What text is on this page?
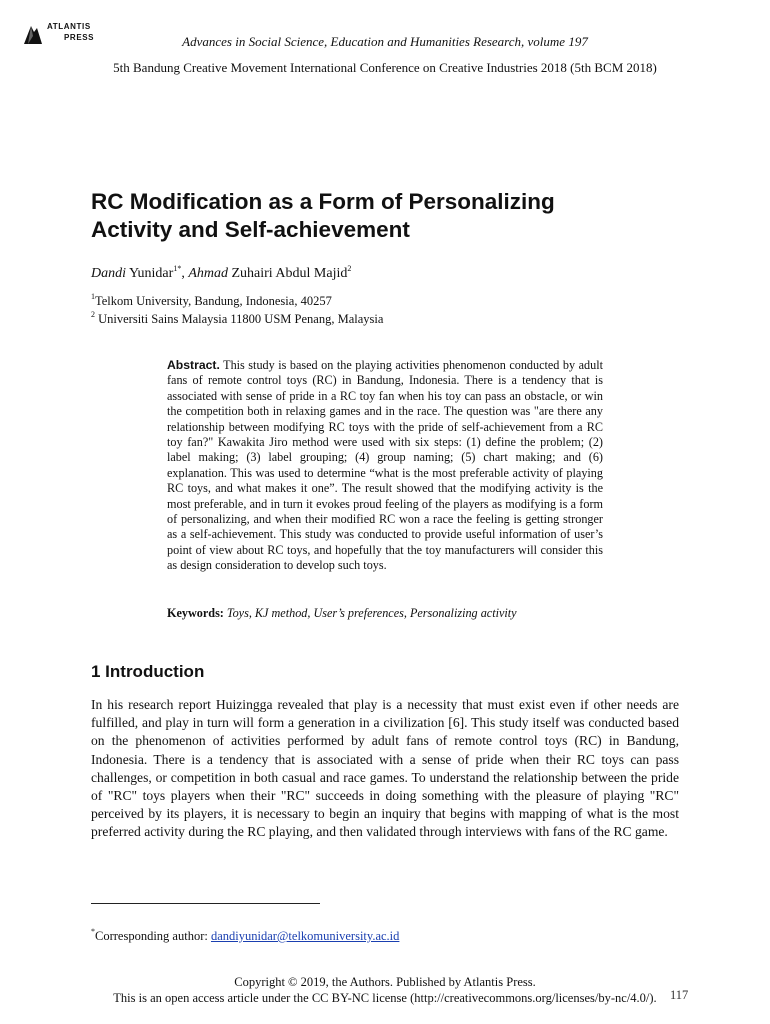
ATLANTIS
PRESS	Advances in Social Science, Education and Humanities Research, volume 197
5th Bandung Creative Movement International Conference on Creative Industries 2018 (5th BCM 2018)
RC Modification as a Form of Personalizing
Activity and Self-achievement
Dandi Yunidar$^{1*}$, Ahmad Zuhairi Abdul Majid$^2$
$^1$Telkom University, Bandung, Indonesia, 40257
$^2$ Universiti Sains Malaysia 11800 USM Penang, Malaysia
Abstract. This study is based on the playing activities phenomenon conducted by adult fans of remote control toys (RC) in Bandung, Indonesia. There is a tendency that is associated with sense of pride in a RC toy fan when his toy can pass an obstacle, or win the competition both in relaxing games and in the race. The question was "are there any relationship between modifying RC toys with the pride of self-achievement from a RC toy fan?" Kawakita Jiro method were used with six steps: (1) define the problem; (2) label making; (3) label grouping; (4) group naming; (5) chart making; and (6) explanation. This was used to determine “what is the most preferable activity of playing RC toys, and what makes it one”. The result showed that the modifying activity is the most preferable, and in turn it evokes proud feeling of the players as modifying is a form of personalizing, and when their modified RC won a race the feeling is getting stronger as a self-achievement. This study was conducted to provide useful information of user’s point of view about RC toys, and hopefully that the toy manufacturers will consider this as design consideration to develop such toys.
Keywords: Toys, KJ method, User’s preferences, Personalizing activity
1 Introduction
In his research report Huizingga revealed that play is a necessity that must exist even if other needs are fulfilled, and play in turn will form a generation in a civilization [6]. This study itself was conducted based on the phenomenon of activities performed by adult fans of remote control toys (RC) in Bandung, Indonesia. There is a tendency that is associated with a sense of pride when their RC toys can pass challenges, or competition in both casual and race games. To understand the relationship between the pride of "RC" toys players when their "RC" succeeds in doing something with the pleasure of playing "RC" perceived by its players, it is necessary to begin an inquiry that begins with mapping of what is the most preferred activity during the RC playing, and then validated through interviews with fans of the RC game.
*Corresponding author: dandiyunidar@telkomuniversity.ac.id
Copyright © 2019, the Authors. Published by Atlantis Press.
This is an open access article under the CC BY-NC license (http://creativecommons.org/licenses/by-nc/4.0/).	117
